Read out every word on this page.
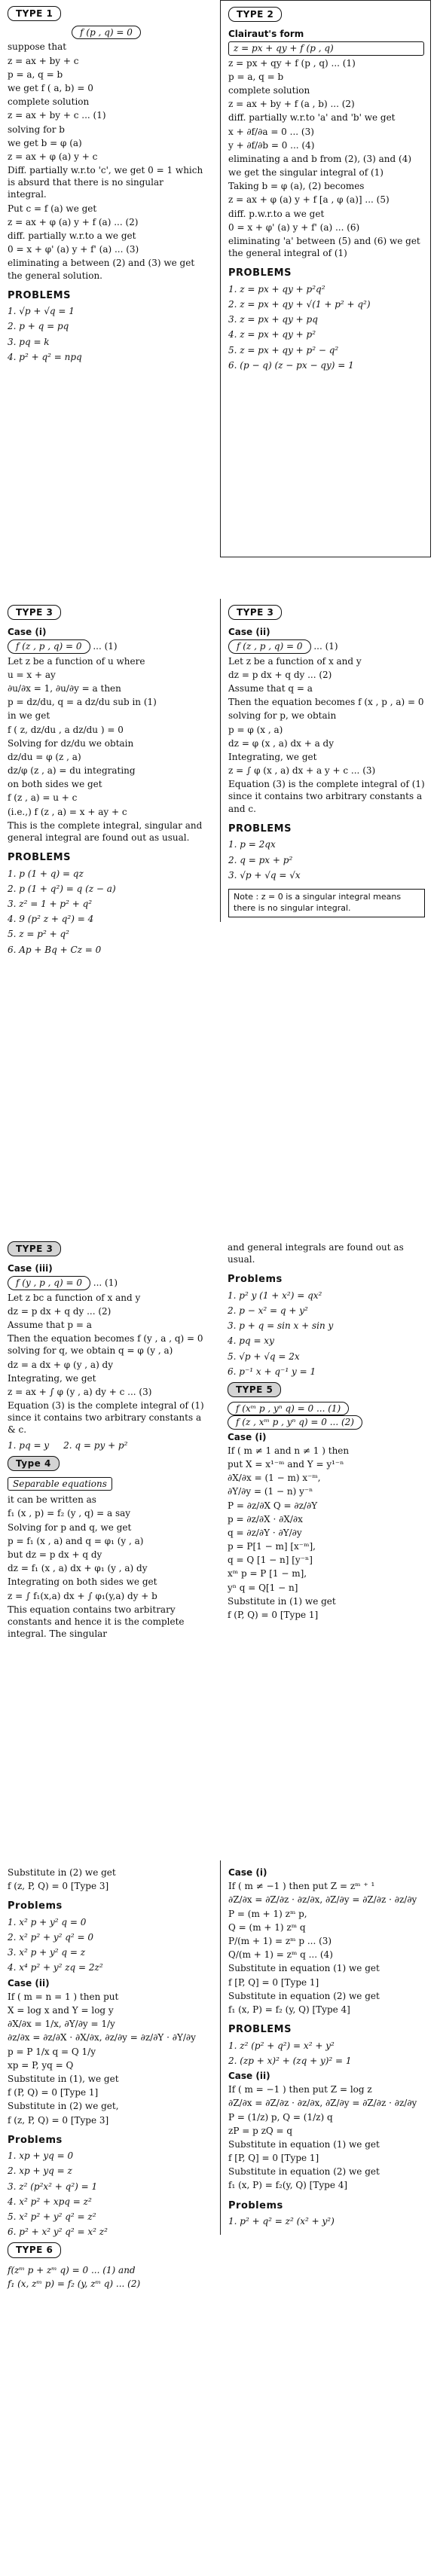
TYPE 1
f (p , q) = 0
suppose that
z = ax + by + c
p = a, q = b
we get f ( a, b) = 0
complete solution
z = ax + by + c ... (1)
solving for b
we get b = φ (a)
z = ax + φ (a) y + c
Diff. partially w.r.to 'c', we get 0 = 1 which is absurd that there is no singular integral.
Put c = f (a) we get
z = ax + φ (a) y + f (a) ... (2)
diff. partially w.r.to a we get
0 = x + φ' (a) y + f' (a) ... (3)
eliminating a between (2) and (3) we get the general solution.
PROBLEMS
1. √p + √q = 1
2. p + q = pq
3. pq = k
4. p² + q² = npq
TYPE 2
Clairaut's form
z = px + qy + f (p , q)
z = px + qy + f (p , q) ... (1)
p = a, q = b
complete solution
z = ax + by + f (a , b) ... (2)
diff. partially w.r.to 'a' and 'b' we get
x + ∂f/∂a = 0 ... (3)
y + ∂f/∂b = 0 ... (4)
eliminating a and b from (2), (3) and (4)
we get the singular integral of (1)
Taking b = φ (a), (2) becomes
z = ax + φ (a) y + f [a , φ (a)] ... (5)
diff. p.w.r.to a we get
0 = x + φ' (a) y + f' (a) ... (6)
eliminating 'a' between (5) and (6) we get the general integral of (1)
PROBLEMS
1. z = px + qy + p²q²
2. z = px + qy + √(1 + p² + q²)
3. z = px + qy + pq
4. z = px + qy + p²
5. z = px + qy + p² − q²
6. (p − q) (z − px − qy) = 1
TYPE 3
Case (i)
f (z , p , q) = 0 ... (1)
Let z be a function of u where
u = x + ay
∂u/∂x = 1, ∂u/∂y = a then
p = dz/du, q = a dz/du sub in (1)
in we get
f ( z, dz/du , a dz/du ) = 0
Solving for dz/du we obtain
dz/du = φ (z , a)
dz/φ (z , a) = du integrating
on both sides we get
f (z , a) = u + c
(i.e.,) f (z , a) = x + ay + c
This is the complete integral, singular and general integral are found out as usual.
PROBLEMS
1. p (1 + q) = qz
2. p (1 + q²) = q (z − a)
3. z² = 1 + p² + q²
4. 9 (p² z + q²) = 4
5. z = p² + q²
6. Ap + Bq + Cz = 0
TYPE 3
Case (ii)
f (z , p , q) = 0 ... (1)
Let z be a function of x and y
dz = p dx + q dy ... (2)
Assume that q = a
Then the equation becomes f (x , p , a) = 0
solving for p, we obtain
p = φ (x , a)
dz = φ (x , a) dx + a dy
Integrating, we get
z = ∫ φ (x , a) dx + a y + c ... (3)
Equation (3) is the complete integral of (1) since it contains two arbitrary constants a and c.
PROBLEMS
1. p = 2qx
2. q = px + p²
3. √p + √q = √x
Note : z = 0 is a singular integral means there is no singular integral.
TYPE 3
Case (iii)
f (y , p , q) = 0 ... (1)
Let z bc a function of x and y
dz = p dx + q dy ... (2)
Assume that p = a
Then the equation becomes f (y , a , q) = 0 solving for q, we obtain q = φ (y , a)
dz = a dx + φ (y , a) dy
Integrating, we get
z = ax + ∫ φ (y , a) dy + c ... (3)
Equation (3) is the complete integral of (1) since it contains two arbitrary constants a & c.
1. pq = y     2. q = py + p²
Type 4
Separable equations
it can be written as
f₁ (x , p) = f₂ (y , q) = a say
Solving for p and q, we get
p = f₁ (x , a) and q = φ₁ (y , a)
but dz = p dx + q dy
dz = f₁ (x , a) dx + φ₁ (y , a) dy
Integrating on both sides we get
z = ∫ f₁(x,a) dx + ∫ φ₁(y,a) dy + b
This equation contains two arbitrary constants and hence it is the complete integral. The singular
and general integrals are found out as usual.
Problems
1. p² y (1 + x²) = qx²
2. p − x² = q + y²
3. p + q = sin x + sin y
4. pq = xy
5. √p + √q = 2x
6. p⁻¹ x + q⁻¹ y = 1
TYPE 5
f (xᵐ p , yⁿ q) = 0 ... (1)
f (z , xᵐ p , yⁿ q) = 0 ... (2)
Case (i)
If ( m ≠ 1 and n ≠ 1 ) then
put X = x¹⁻ᵐ and Y = y¹⁻ⁿ
∂X/∂x = (1 − m) x⁻ᵐ,
∂Y/∂y = (1 − n) y⁻ⁿ
P = ∂z/∂X Q = ∂z/∂Y
p = ∂z/∂X · ∂X/∂x
q = ∂z/∂Y · ∂Y/∂y
p = P[1 − m] [x⁻ᵐ],
q = Q [1 − n] [y⁻ⁿ]
xᵐ p = P [1 − m],
yⁿ q = Q[1 − n]
Substitute in (1) we get
f (P, Q) = 0 [Type 1]
Substitute in (2) we get
f (z, P, Q) = 0 [Type 3]
Problems
1. x² p + y² q = 0
2. x² p² + y² q² = 0
3. x² p + y² q = z
4. x⁴ p² + y² zq = 2z²
Case (ii)
If ( m = n = 1 ) then put
X = log x and Y = log y
∂X/∂x = 1/x, ∂Y/∂y = 1/y
∂z/∂x = ∂z/∂X · ∂X/∂x, ∂z/∂y = ∂z/∂Y · ∂Y/∂y
p = P 1/x q = Q 1/y
xp = P, yq = Q
Substitute in (1), we get
f (P, Q) = 0 [Type 1]
Substitute in (2) we get,
f (z, P, Q) = 0 [Type 3]
Problems
1. xp + yq = 0
2. xp + yq = z
3. z² (p²x² + q²) = 1
4. x² p² + xpq = z²
5. x² p² + y² q² = z²
6. p² + x² y² q² = x² z²
TYPE 6
f(zᵐ p + zᵐ q) = 0 ... (1) and
f₁ (x, zᵐ p) = f₂ (y, zᵐ q) ... (2)
Case (i)
If ( m ≠ −1 ) then put Z = zᵐ ⁺ ¹
∂Z/∂x = ∂Z/∂z · ∂z/∂x, ∂Z/∂y = ∂Z/∂z · ∂z/∂y
P = (m + 1) zᵐ p,
Q = (m + 1) zᵐ q
P/(m + 1) = zᵐ p ... (3)
Q/(m + 1) = zᵐ q ... (4)
Substitute in equation (1) we get
f [P, Q] = 0 [Type 1]
Substitute in equation (2) we get
f₁ (x, P) = f₂ (y, Q) [Type 4]
PROBLEMS
1. z² (p² + q²) = x² + y²
2. (zp + x)² + (zq + y)² = 1
Case (ii)
If ( m = −1 ) then put Z = log z
∂Z/∂x = ∂Z/∂z · ∂z/∂x, ∂Z/∂y = ∂Z/∂z · ∂z/∂y
P = (1/z) p, Q = (1/z) q
zP = p zQ = q
Substitute in equation (1) we get
f [P, Q] = 0 [Type 1]
Substitute in equation (2) we get
f₁ (x, P) = f₂(y, Q) [Type 4]
Problems
1. p² + q² = z² (x² + y²)
